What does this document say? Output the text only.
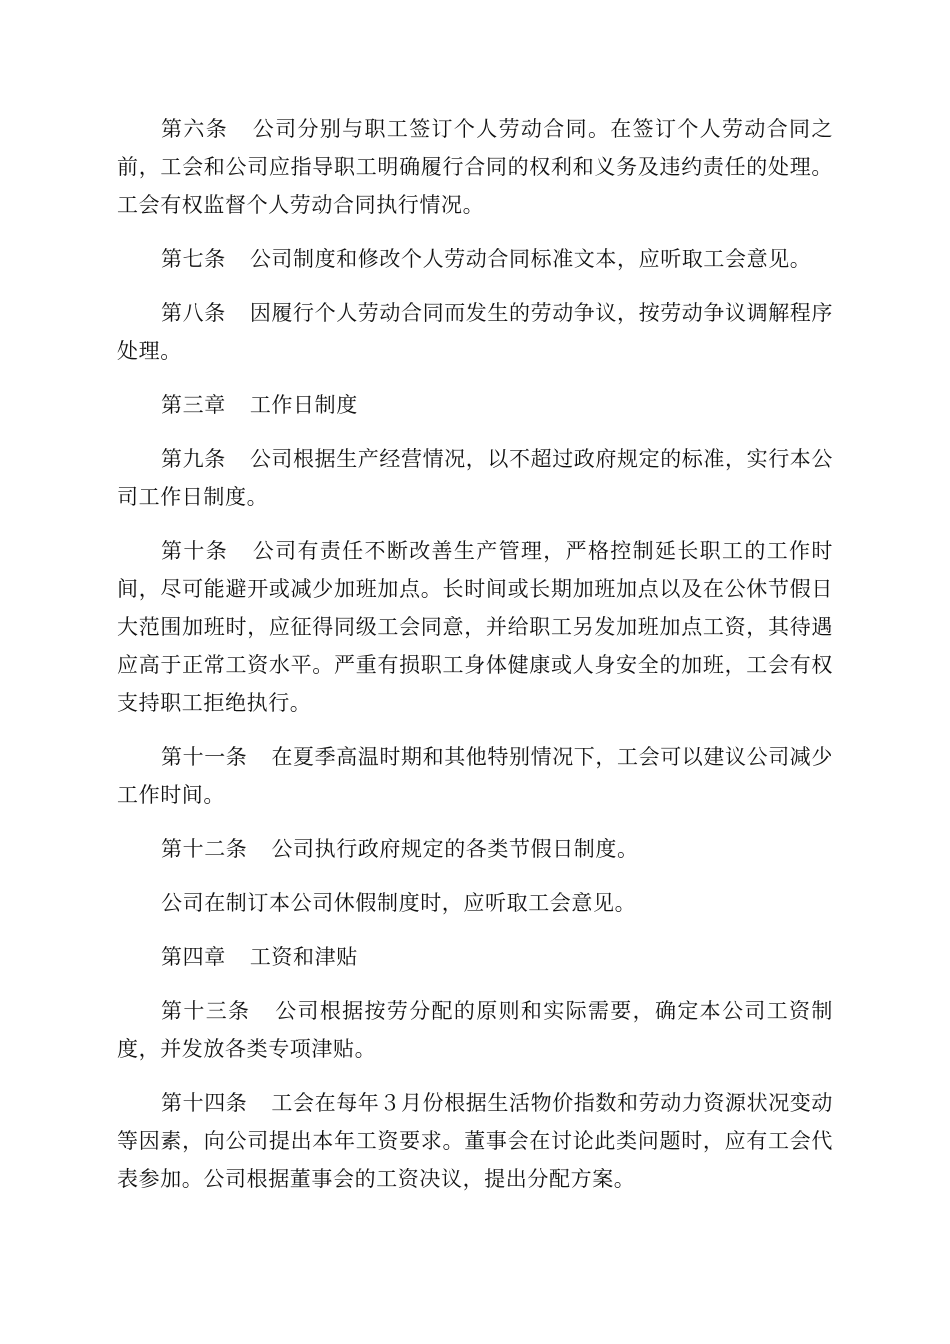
第六条 公司分别与职工签订个人劳动合同。在签订个人劳动合同之前，工会和公司应指导职工明确履行合同的权利和义务及违约责任的处理。工会有权监督个人劳动合同执行情况。

第七条 公司制度和修改个人劳动合同标准文本，应听取工会意见。

第八条 因履行个人劳动合同而发生的劳动争议，按劳动争议调解程序处理。

第三章 工作日制度

第九条 公司根据生产经营情况，以不超过政府规定的标准，实行本公司工作日制度。

第十条 公司有责任不断改善生产管理，严格控制延长职工的工作时间，尽可能避开或减少加班加点。长时间或长期加班加点以及在公休节假日大范围加班时，应征得同级工会同意，并给职工另发加班加点工资，其待遇应高于正常工资水平。严重有损职工身体健康或人身安全的加班，工会有权支持职工拒绝执行。

第十一条 在夏季高温时期和其他特别情况下，工会可以建议公司减少工作时间。

第十二条 公司执行政府规定的各类节假日制度。

公司在制订本公司休假制度时，应听取工会意见。

第四章 工资和津贴

第十三条 公司根据按劳分配的原则和实际需要，确定本公司工资制度，并发放各类专项津贴。

第十四条 工会在每年３月份根据生活物价指数和劳动力资源状况变动等因素，向公司提出本年工资要求。董事会在讨论此类问题时，应有工会代表参加。公司根据董事会的工资决议，提出分配方案。
